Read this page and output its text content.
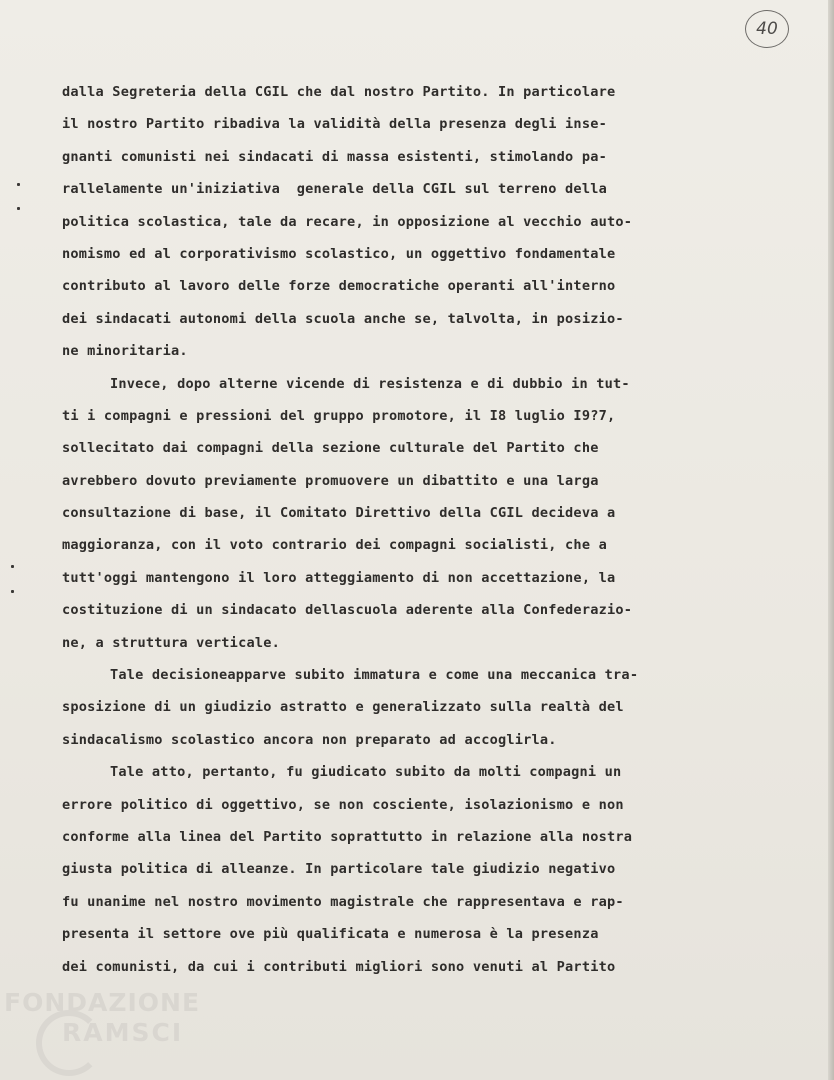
40

dalla Segreteria della CGIL che dal nostro Partito. In particolare
il nostro Partito ribadiva la validità della presenza degli inse-
gnanti comunisti nei sindacati di massa esistenti, stimolando pa-
rallelamente un'iniziativa  generale della CGIL sul terreno della
politica scolastica, tale da recare, in opposizione al vecchio auto-
nomismo ed al corporativismo scolastico, un oggettivo fondamentale
contributo al lavoro delle forze democratiche operanti all'interno
dei sindacati autonomi della scuola anche se, talvolta, in posizio-
ne minoritaria.

Invece, dopo alterne vicende di resistenza e di dubbio in tut-
ti i compagni e pressioni del gruppo promotore, il I8 luglio I9?7,
sollecitato dai compagni della sezione culturale del Partito che
avrebbero dovuto previamente promuovere un dibattito e una larga
consultazione di base, il Comitato Direttivo della CGIL decideva a
maggioranza, con il voto contrario dei compagni socialisti, che a
tutt'oggi mantengono il loro atteggiamento di non accettazione, la
costituzione di un sindacato dellascuola aderente alla Confederazio-
ne, a struttura verticale.

Tale decisioneapparve subito immatura e come una meccanica tra-
sposizione di un giudizio astratto e generalizzato sulla realtà del
sindacalismo scolastico ancora non preparato ad accoglirla.

Tale atto, pertanto, fu giudicato subito da molti compagni un
errore politico di oggettivo, se non cosciente, isolazionismo e non
conforme alla linea del Partito soprattutto in relazione alla nostra
giusta politica di alleanze. In particolare tale giudizio negativo
fu unanime nel nostro movimento magistrale che rappresentava e rap-
presenta il settore ove più qualificata e numerosa è la presenza
dei comunisti, da cui i contributi migliori sono venuti al Partito

FONDAZIONE
RAMSCI
